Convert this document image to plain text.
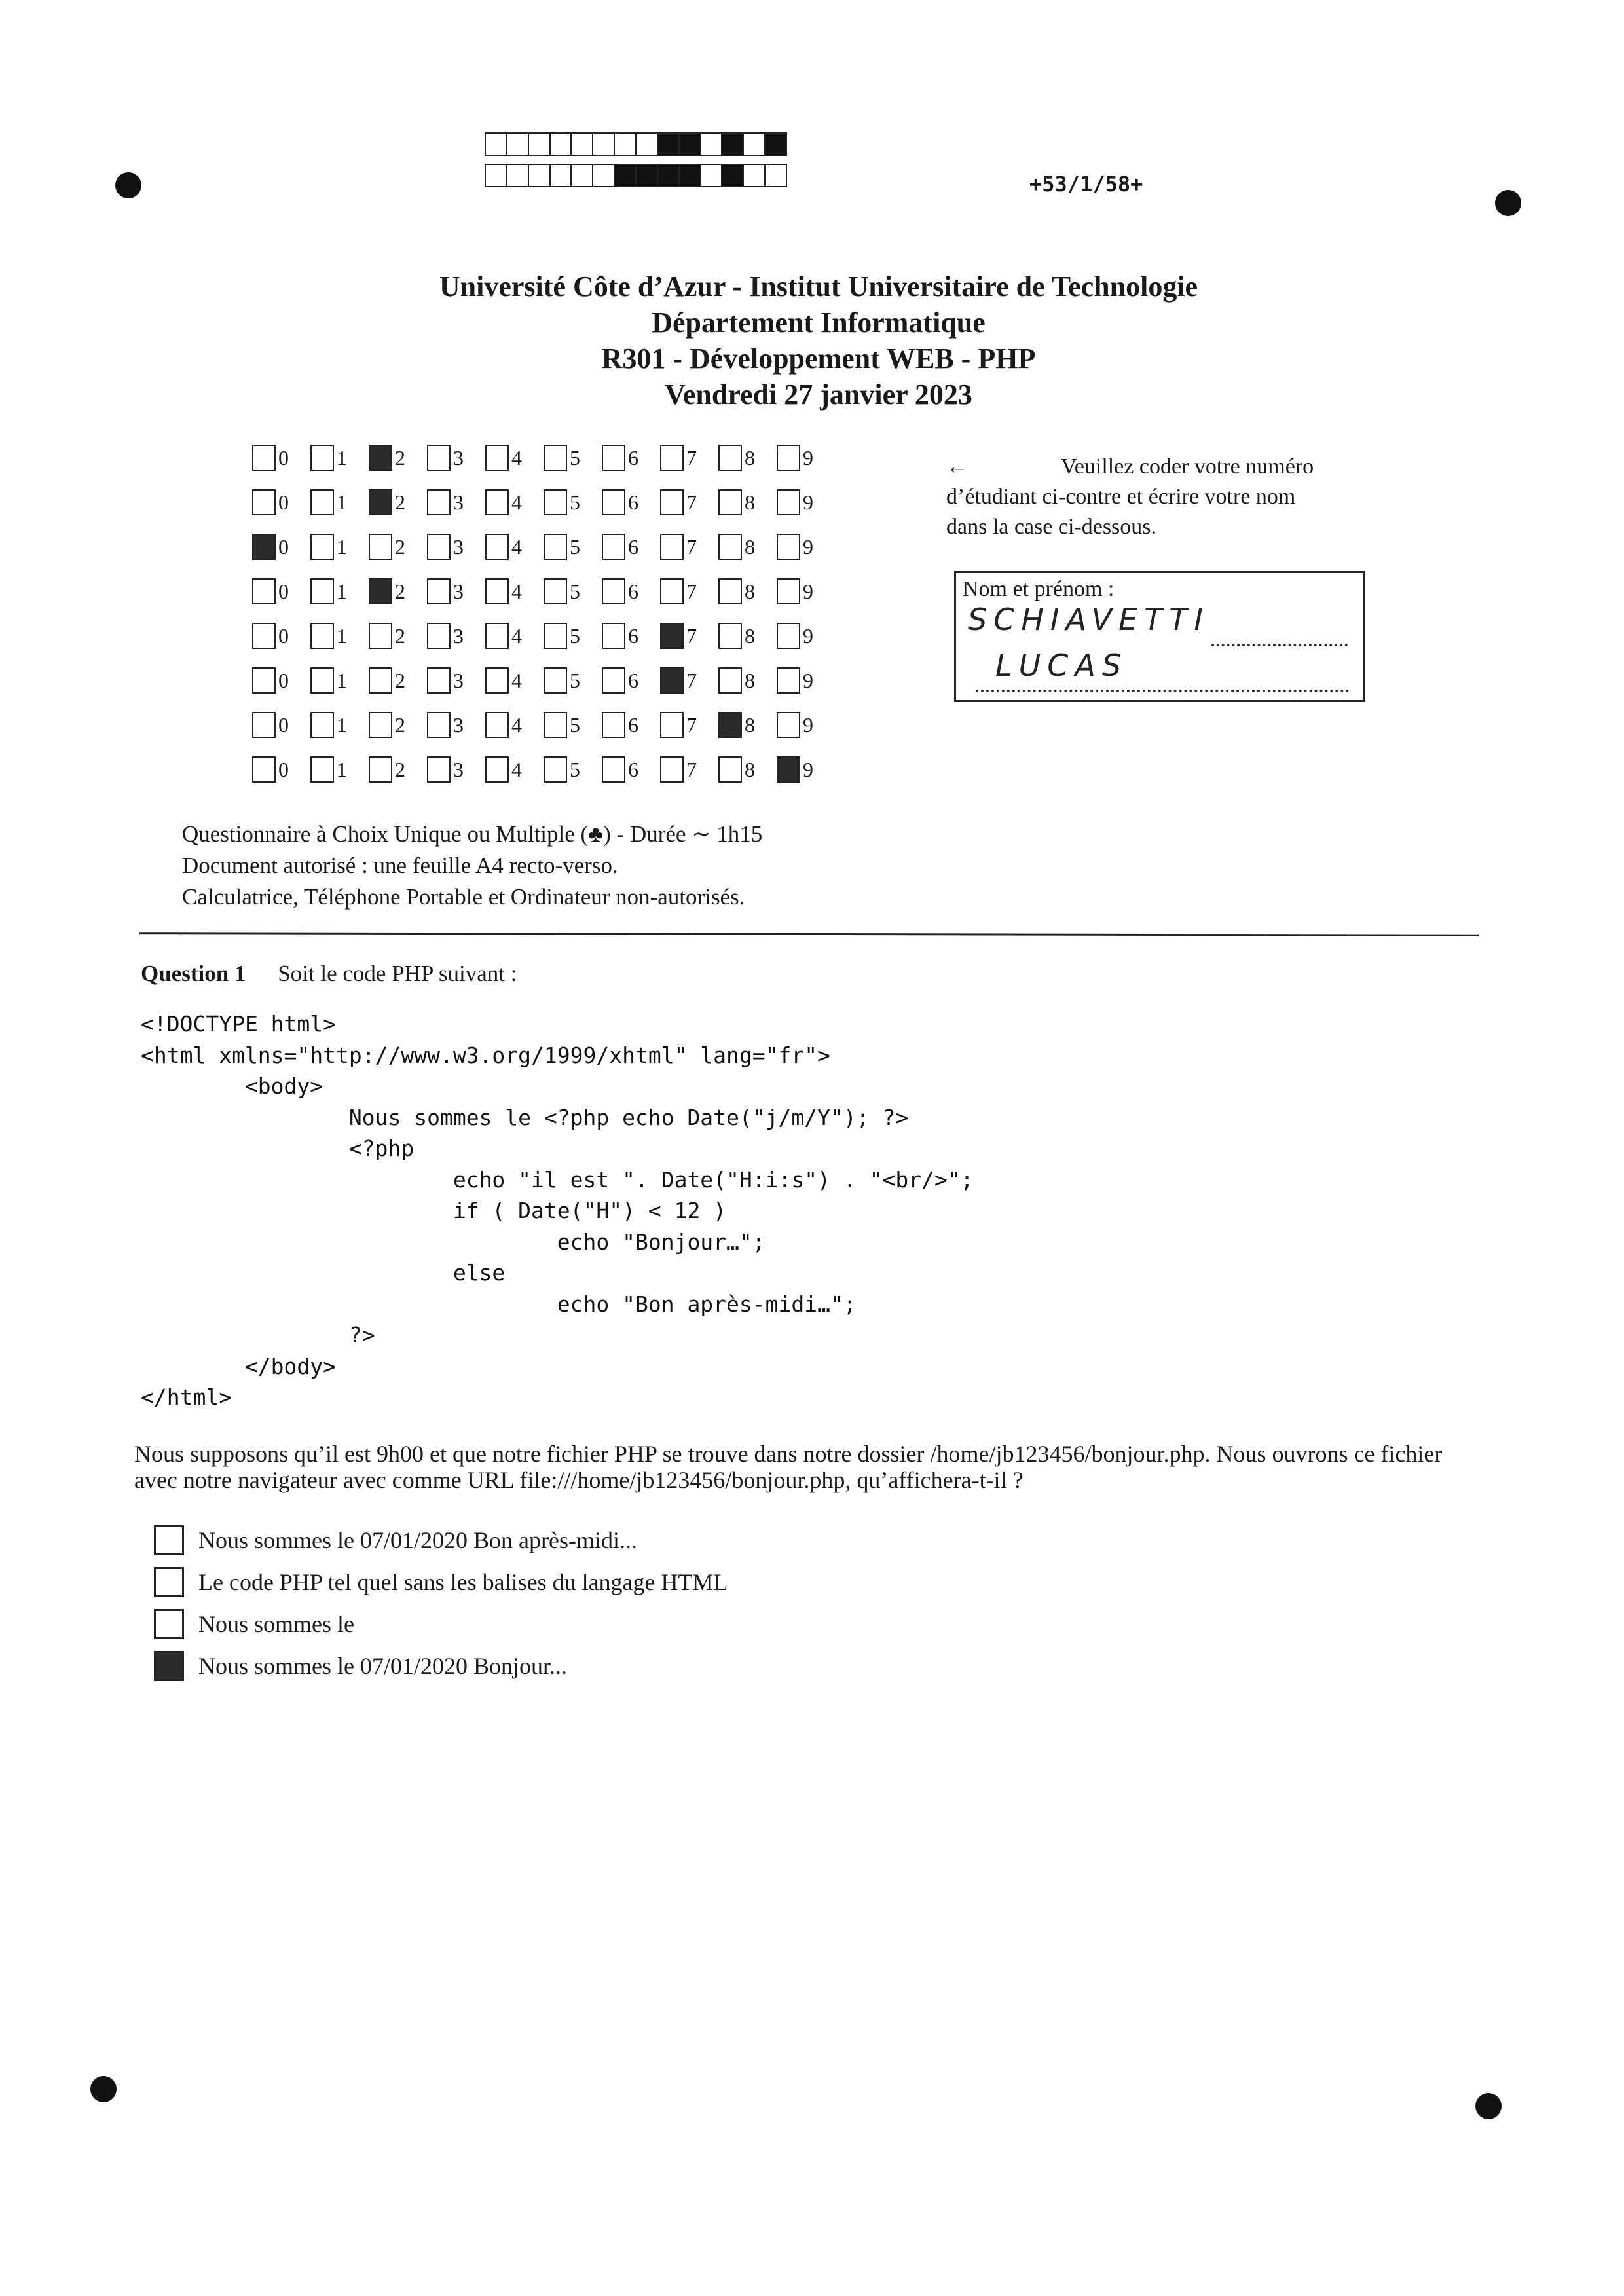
+53/1/58+
Université Côte d’Azur - Institut Universitaire de Technologie
Département Informatique
R301 - Développement WEB - PHP
Vendredi 27 janvier 2023
0 1 2 3 4 5 6 7 8 9
0 1 2 3 4 5 6 7 8 9
0 1 2 3 4 5 6 7 8 9
0 1 2 3 4 5 6 7 8 9
0 1 2 3 4 5 6 7 8 9
0 1 2 3 4 5 6 7 8 9
0 1 2 3 4 5 6 7 8 9
0 1 2 3 4 5 6 7 8 9
←	Veuillez coder votre numéro
d’étudiant ci-contre et écrire votre nom
dans la case ci-dessous.
Nom et prénom :
SCHIAVETTI
LUCAS
Questionnaire à Choix Unique ou Multiple (♣) - Durée ∼ 1h15
Document autorisé : une feuille A4 recto-verso.
Calculatrice, Téléphone Portable et Ordinateur non-autorisés.
Question 1 Soit le code PHP suivant :
<!DOCTYPE html>
<html xmlns="http://www.w3.org/1999/xhtml" lang="fr">
<body>
Nous sommes le <?php echo Date("j/m/Y"); ?>
<?php
echo "il est ". Date("H:i:s") . "<br/>";
if ( Date("H") < 12 )
echo "Bonjour…";
else
echo "Bon après-midi…";
?>
</body>
</html>
Nous supposons qu’il est 9h00 et que notre fichier PHP se trouve dans notre dossier /home/jb123456/bonjour.php. Nous ouvrons ce fichier avec notre navigateur avec comme URL file:///home/jb123456/bonjour.php, qu’affichera-t-il ?
Nous sommes le 07/01/2020 Bon après-midi...
Le code PHP tel quel sans les balises du langage HTML
Nous sommes le
Nous sommes le 07/01/2020 Bonjour...
